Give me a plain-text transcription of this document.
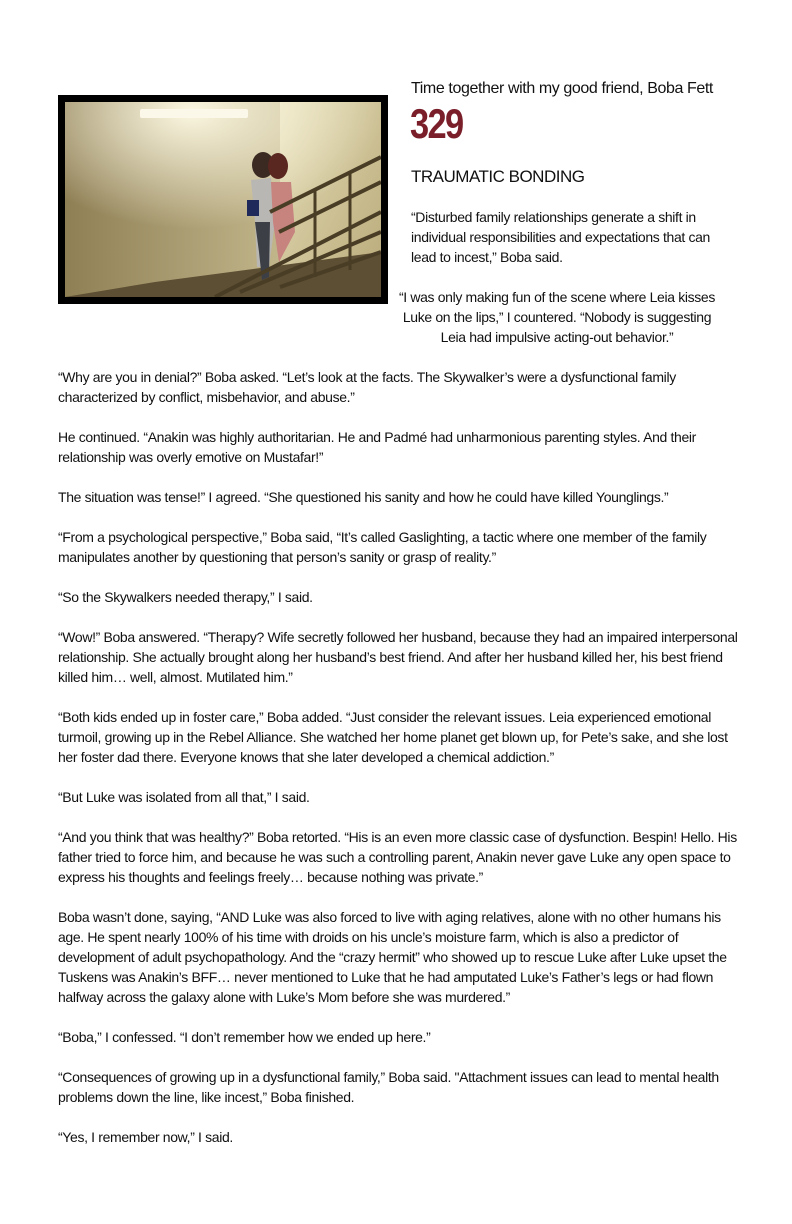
Time together with my good friend, Boba Fett
329
TRAUMATIC BONDING
“Disturbed family relationships generate a shift in individual responsibilities and expectations that can lead to incest,” Boba said.
“I was only making fun of the scene where Leia kisses Luke on the lips,” I countered. “Nobody is suggesting Leia had impulsive acting-out behavior.”

“Why are you in denial?” Boba asked. “Let’s look at the facts. The Skywalker’s were a dysfunctional family characterized by conflict, misbehavior, and abuse.”

He continued. “Anakin was highly authoritarian. He and Padmé had unharmonious parenting styles. And their relationship was overly emotive on Mustafar!”

The situation was tense!” I agreed. “She questioned his sanity and how he could have killed Younglings.”

“From a psychological perspective,” Boba said, “It’s called Gaslighting, a tactic where one member of the family manipulates another by questioning that person’s sanity or grasp of reality.”

“So the Skywalkers needed therapy,” I said.

“Wow!” Boba answered. “Therapy? Wife secretly followed her husband, because they had an impaired interpersonal relationship. She actually brought along her husband’s best friend. And after her husband killed her, his best friend killed him… well, almost. Mutilated him.”

“Both kids ended up in foster care,” Boba added. “Just consider the relevant issues. Leia experienced emotional turmoil, growing up in the Rebel Alliance. She watched her home planet get blown up, for Pete’s sake, and she lost her foster dad there. Everyone knows that she later developed a chemical addiction.”

“But Luke was isolated from all that,” I said.

“And you think that was healthy?” Boba retorted. “His is an even more classic case of dysfunction. Bespin! Hello. His father tried to force him, and because he was such a controlling parent, Anakin never gave Luke any open space to express his thoughts and feelings freely… because nothing was private.”

Boba wasn’t done, saying, “AND Luke was also forced to live with aging relatives, alone with no other humans his age. He spent nearly 100% of his time with droids on his uncle’s moisture farm, which is also a predictor of development of adult psychopathology. And the “crazy hermit” who showed up to rescue Luke after Luke upset the Tuskens was Anakin’s BFF… never mentioned to Luke that he had amputated Luke’s Father’s legs or had flown halfway across the galaxy alone with Luke’s Mom before she was murdered.”

“Boba,” I confessed. “I don’t remember how we ended up here.”

“Consequences of growing up in a dysfunctional family,” Boba said. "Attachment issues can lead to mental health problems down the line, like incest,” Boba finished.

“Yes, I remember now,” I said.
